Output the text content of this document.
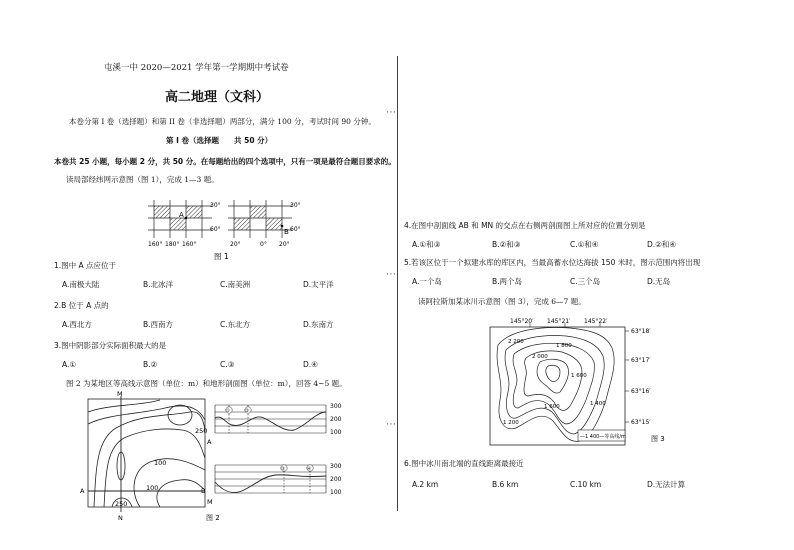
⋯
⋯
⋯
屯溪一中 2020—2021 学年第一学期期中考试卷
高二地理（文科）
本卷分第 I 卷（选择题）和第 II 卷（非选择题）两部分，满分 100 分，考试时间 90 分钟。
第 I 卷（选择题　　共 50 分）
本卷共 25 小题，每小题 2 分，共 50 分。在每题给出的四个选项中，只有一项是最符合题目要求的。
读局部经纬网示意图（图 1），完成 1—3 题。
A
B
30°
60°
30°
60°
160° 180° 160°	20°	0° 20°
图 1
1.图中 A 点应位于
A.南极大陆	B.北冰洋	C.南美洲	D.太平洋
2.B 位于 A 点的
A.西北方	B.西南方	C.东北方	D.东南方
3.图中阴影部分实际面积最大的是
A.①	B.②	C.③	D.④
图 2 为某地区等高线示意图（单位：m）和地形剖面图（单位：m），回答 4~5 题。
M
N
A	B
250
100
100
250
①	②
300
200
100
A
③	④	300
200
100
M
图 2
4.在图中剖面线 AB 和 MN 的交点在右侧两剖面图上所对应的位置分别是
A.①和③	B.②和③	C.①和④	D.②和④
5.若该区位于一个拟建水库的库区内，当最高蓄水位达海拔 150 米时，图示范围内将出现
A.一个岛	B.两个岛	C.三个岛	D.无岛
读阿拉斯加某冰川示意图（图 3），完成 6—7 题。
145°20′ 145°21′ 145°22′
63°18′
63°17′
63°16′
63°15′
2 200
2 000
1 800
1 600
1 400
1 200
1 600
—1 400—等高线/m	图 3
6.图中冰川南北端的直线距离最接近
A.2 km	B.6 km	C.10 km	D.无法计算
